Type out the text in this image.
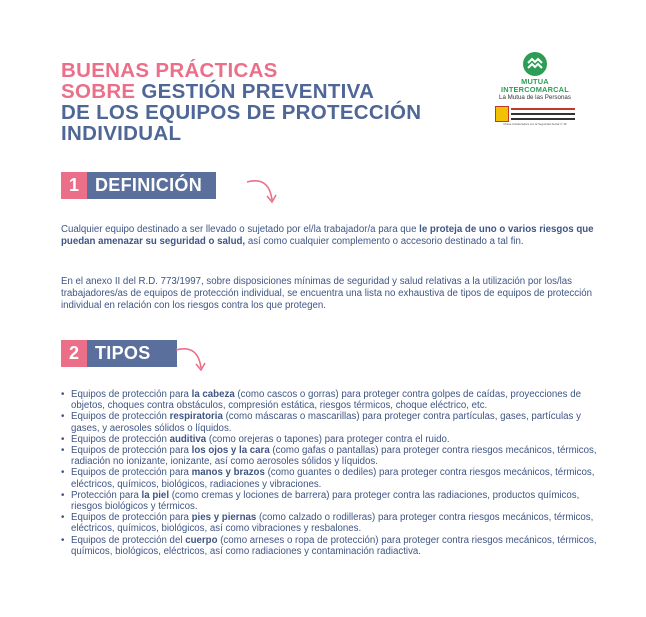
BUENAS PRÁCTICAS
SOBRE GESTIÓN PREVENTIVA
DE LOS EQUIPOS DE PROTECCIÓN
INDIVIDUAL
MUTUA
INTERCOMARCAL
La Mutua de las Personas
Mutua Colaboradora con la Seguridad Social nº 39
1 DEFINICIÓN
Cualquier equipo destinado a ser llevado o sujetado por el/la trabajador/a para que le proteja de uno o varios riesgos que puedan amenazar su seguridad o salud, así como cualquier complemento o accesorio destinado a tal fin.
En el anexo II del R.D. 773/1997, sobre disposiciones mínimas de seguridad y salud relativas a la utilización por los/las trabajadores/as de equipos de protección individual, se encuentra una lista no exhaustiva de tipos de equipos de protección individual en relación con los riesgos contra los que protegen.
2 TIPOS
• Equipos de protección para la cabeza (como cascos o gorras) para proteger contra golpes de caídas, proyecciones de objetos, choques contra obstáculos, compresión estática, riesgos térmicos, choque eléctrico, etc.
• Equipos de protección respiratoria (como máscaras o mascarillas) para proteger contra partículas, gases, partículas y gases, y aerosoles sólidos o líquidos.
• Equipos de protección auditiva (como orejeras o tapones) para proteger contra el ruido.
• Equipos de protección para los ojos y la cara (como gafas o pantallas) para proteger contra riesgos mecánicos, térmicos, radiación no ionizante, ionizante, así como aerosoles sólidos y líquidos.
• Equipos de protección para manos y brazos (como guantes o dediles) para proteger contra riesgos mecánicos, térmicos, eléctricos, químicos, biológicos, radiaciones y vibraciones.
• Protección para la piel (como cremas y lociones de barrera) para proteger contra las radiaciones, productos químicos, riesgos biológicos y térmicos.
• Equipos de protección para pies y piernas (como calzado o rodilleras) para proteger contra riesgos mecánicos, térmicos, eléctricos, químicos, biológicos, así como vibraciones y resbalones.
• Equipos de protección del cuerpo (como arneses o ropa de protección) para proteger contra riesgos mecánicos, térmicos, químicos, biológicos, eléctricos, así como radiaciones y contaminación radiactiva.
